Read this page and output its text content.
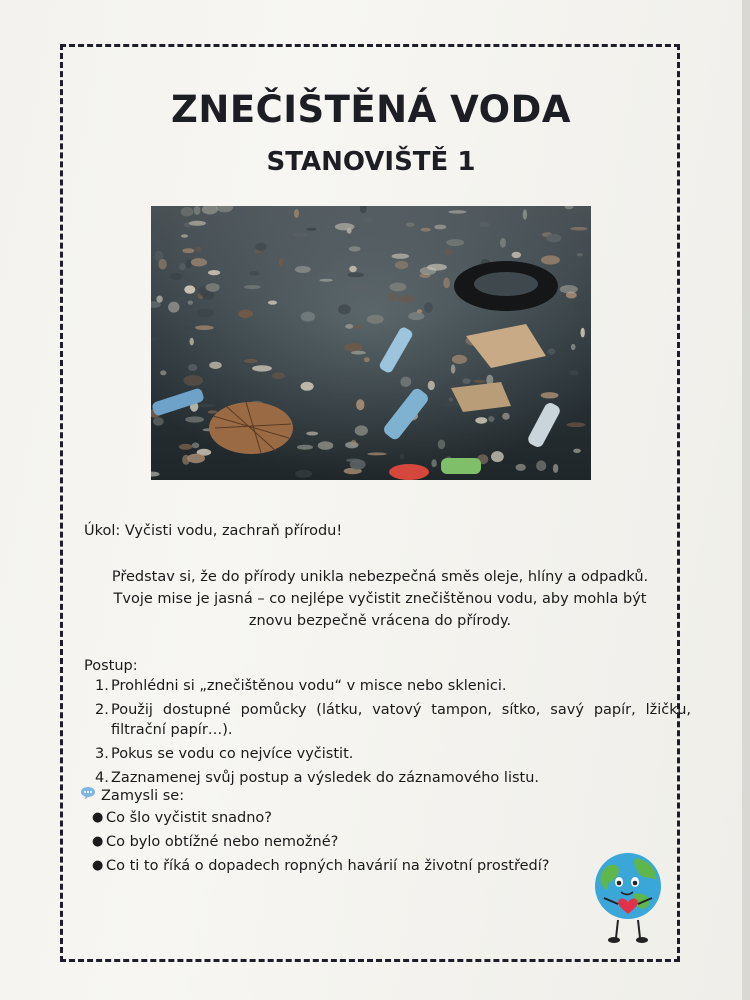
ZNEČIŠTĚNÁ VODA
STANOVIŠTĚ 1
Úkol: Vyčisti vodu, zachraň přírodu!
Představ si, že do přírody unikla nebezpečná směs oleje, hlíny a odpadků.
Tvoje mise je jasná – co nejlépe vyčistit znečištěnou vodu, aby mohla být
znovu bezpečně vrácena do přírody.
Postup:
1. Prohlédni si „znečištěnou vodu“ v misce nebo sklenici.
2. Použij dostupné pomůcky (látku, vatový tampon, sítko, savý papír, lžičku, filtrační papír…).
3. Pokus se vodu co nejvíce vyčistit.
4. Zaznamenej svůj postup a výsledek do záznamového listu.
Zamysli se:
● Co šlo vyčistit snadno?
● Co bylo obtížné nebo nemožné?
● Co ti to říká o dopadech ropných havárií na životní prostředí?
